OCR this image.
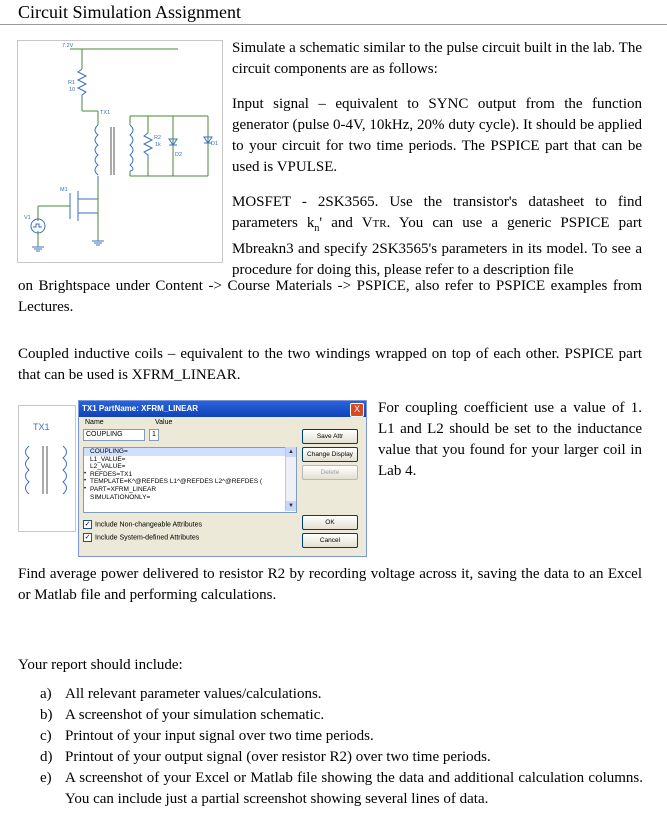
Circuit Simulation Assignment
7.2V
R1
10
TX1
R2
1k	D1
D2
M1
V1
Simulate a schematic similar to the pulse circuit built in the lab. The circuit components are as follows:
Input signal – equivalent to SYNC output from the function generator (pulse 0-4V, 10kHz, 20% duty cycle). It should be applied to your circuit for two time periods. The PSPICE part that can be used is VPULSE.
MOSFET - 2SK3565. Use the transistor's datasheet to find parameters $k_n'$ and VTR. You can use a generic PSPICE part Mbreakn3 and specify 2SK3565's parameters in its model. To see a procedure for doing this, please refer to a description file
on Brightspace under Content -> Course Materials -> PSPICE, also refer to PSPICE examples from Lectures.
Coupled inductive coils – equivalent to the two windings wrapped on top of each other. PSPICE part that can be used is XFRM_LINEAR.
TX1
TX1 PartName: XFRM_LINEAR	X
Name	Value
COUPLING	1
COUPLING=
L1_VALUE=
L2_VALUE=
• REFDES=TX1
• TEMPLATE=K^@REFDES L1^@REFDES L2^@REFDES (
• PART=XFRM_LINEAR
SIMULATIONONLY=
▲
▼
Save Attr
Change Display
Delete
OK
Cancel
✓ Include Non-changeable Attributes
✓ Include System-defined Attributes
For coupling coefficient use a value of 1. L1 and L2 should be set to the inductance value that you found for your larger coil in Lab 4.
Find average power delivered to resistor R2 by recording voltage across it, saving the data to an Excel or Matlab file and performing calculations.
Your report should include:
a) All relevant parameter values/calculations.
b) A screenshot of your simulation schematic.
c) Printout of your input signal over two time periods.
d) Printout of your output signal (over resistor R2) over two time periods.
e) A screenshot of your Excel or Matlab file showing the data and additional calculation columns. You can include just a partial screenshot showing several lines of data.
